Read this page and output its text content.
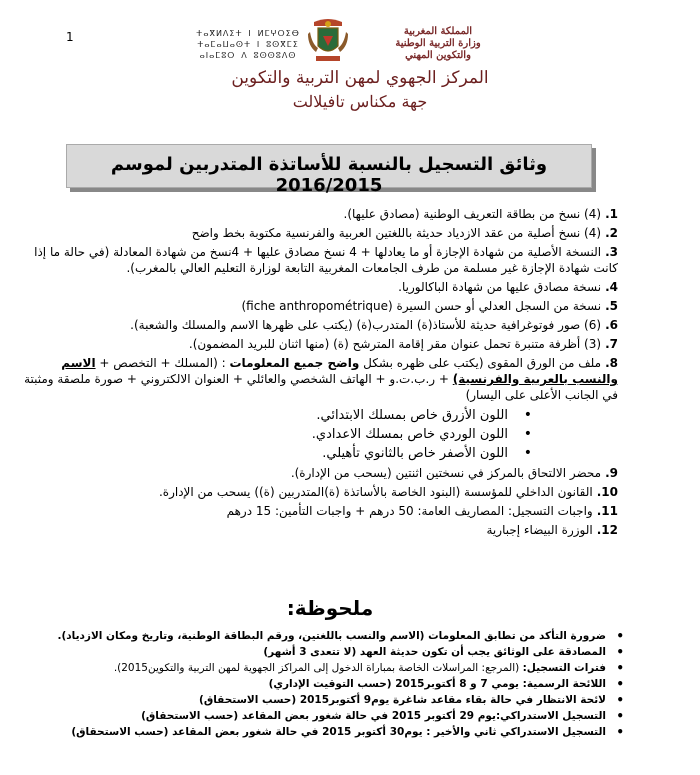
1	ⵜⴰⴳⵍⴷⵉⵜ ⵏ ⵍⵎⵖⵔⵉⴱ
ⵜⴰⵎⴰⵡⴰⵙⵜ ⵏ ⵓⵙⴳⵎⵉ
ⴰⵏⴰⵎⵓⵔ ⴷ ⵓⵙⵙⵓⴷⵙ
المملكة المغربية
وزارة التربية الوطنية
والتكوين المهني
المركز الجهوي لمهن التربية والتكوين
جهة مكناس تافيلالت
وثائق التسجيل بالنسبة للأساتذة المتدربين لموسم 2016/2015
1.(4) نسخ من بطاقة التعريف الوطنية (مصادق عليها).
2.(4) نسخ أصلية من عقد الازدياد حديثة باللغتين العربية والفرنسية مكتوبة بخط واضح
3.النسخة الأصلية من شهادة الإجازة أو ما يعادلها + 4 نسخ مصادق عليها + 4نسخ من شهادة المعادلة (في حالة ما إذا كانت شهادة الإجازة غير مسلمة من طرف الجامعات المغربية التابعة لوزارة التعليم العالي بالمغرب).
4.نسخة مصادق عليها من شهادة الباكالوريا.
5.نسخة من السجل العدلي أو حسن السيرة (fiche anthropométrique)
6.(6) صور فوتوغرافية حديثة للأستاذ(ة) المتدرب(ة) (يكتب على ظهرها الاسم والمسلك والشعبة).
7.(3) أظرفة متنبرة تحمل عنوان مقر إقامة المترشح (ة) (منها اثنان للبريد المضمون).
8.ملف من الورق المقوى (يكتب على ظهره بشكل واضح جميع المعلومات : (المسلك + التخصص + الاسم والنسب بالعربية والفرنسية) + ر.ب.ت.و + الهاتف الشخصي والعائلي + العنوان الالكتروني + صورة ملصقة ومثبتة في الجانب الأعلى على اليسار)
• اللون الأزرق خاص بمسلك الابتدائي.
• اللون الوردي خاص بمسلك الاعدادي.
• اللون الأصفر خاص بالثانوي تأهيلي.
9.محضر الالتحاق بالمركز في نسختين اثنتين (يسحب من الإدارة).
10.القانون الداخلي للمؤسسة (البنود الخاصة بالأساتذة (ة)المتدربين (ة)) يسحب من الإدارة.
11.واجبات التسجيل: المصاريف العامة: 50 درهم + واجبات التأمين: 15 درهم
12.الوزرة البيضاء إجبارية
ملحوظة:
•
ضرورة التأكد من تطابق المعلومات (الاسم والنسب باللغتين، ورقم البطاقة الوطنية، وتاريخ ومكان الازدياد).
•
المصادقة على الوثائق يجب أن تكون حديثة العهد (لا تتعدى 3 أشهر)
•
فترات التسجيل: (المرجع: المراسلات الخاصة بمباراة الدخول إلى المراكز الجهوية لمهن التربية والتكوين2015).
•
اللائحة الرسمية: يومي 7 و 8 أكتوبر2015 (حسب التوقيت الإداري)
•
لائحة الانتظار في حالة بقاء مقاعد شاغرة يوم9 أكتوبر2015 (حسب الاستحقاق)
•
التسجيل الاستدراكي:يوم 29 أكتوبر 2015 في حالة شغور بعض المقاعد (حسب الاستحقاق)
•
التسجيل الاستدراكي ثاني والأخير : يوم30 أكتوبر 2015 في حالة شغور بعض المقاعد (حسب الاستحقاق)
